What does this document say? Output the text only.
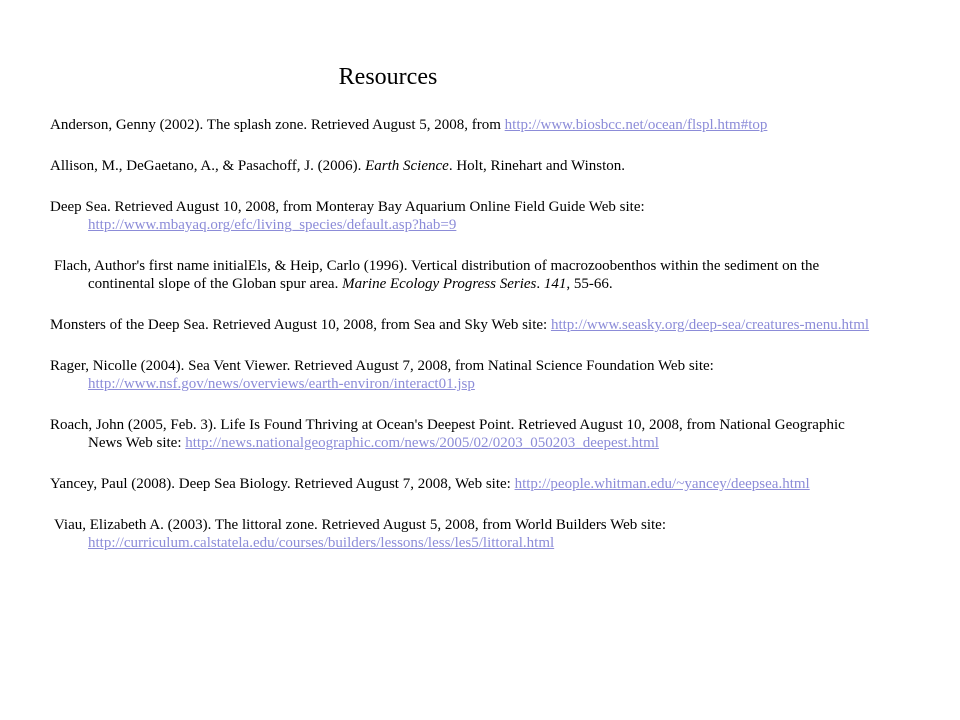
Resources

Anderson, Genny (2002). The splash zone. Retrieved August 5, 2008, from http://www.biosbcc.net/ocean/flspl.htm#top

Allison, M., DeGaetano, A., & Pasachoff, J. (2006). Earth Science. Holt, Rinehart and Winston.

Deep Sea. Retrieved August 10, 2008, from Monteray Bay Aquarium Online Field Guide Web site: http://www.mbayaq.org/efc/living_species/default.asp?hab=9

Flach, Author's first name initialEls, & Heip, Carlo (1996). Vertical distribution of macrozoobenthos within the sediment on the continental slope of the Globan spur area. Marine Ecology Progress Series. 141, 55-66.

Monsters of the Deep Sea. Retrieved August 10, 2008, from Sea and Sky Web site: http://www.seasky.org/deep-sea/creatures-menu.html

Rager, Nicolle (2004). Sea Vent Viewer. Retrieved August 7, 2008, from Natinal Science Foundation Web site: http://www.nsf.gov/news/overviews/earth-environ/interact01.jsp

Roach, John (2005, Feb. 3). Life Is Found Thriving at Ocean's Deepest Point. Retrieved August 10, 2008, from National Geographic News Web site: http://news.nationalgeographic.com/news/2005/02/0203_050203_deepest.html

Yancey, Paul (2008). Deep Sea Biology. Retrieved August 7, 2008, Web site: http://people.whitman.edu/~yancey/deepsea.html

Viau, Elizabeth A. (2003). The littoral zone. Retrieved August 5, 2008, from World Builders Web site: http://curriculum.calstatela.edu/courses/builders/lessons/less/les5/littoral.html
